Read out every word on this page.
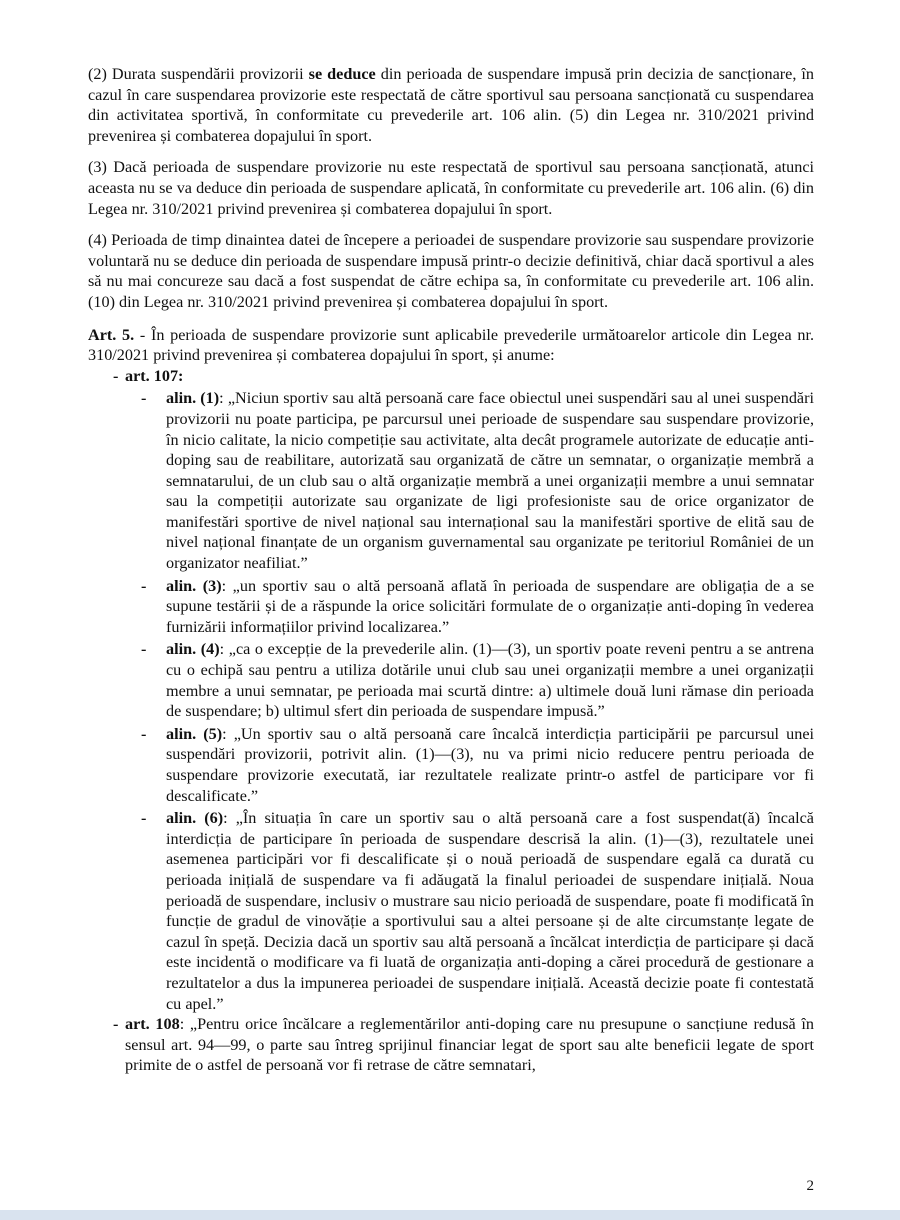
(2) Durata suspendării provizorii se deduce din perioada de suspendare impusă prin decizia de sancționare, în cazul în care suspendarea provizorie este respectată de către sportivul sau persoana sancționată cu suspendarea din activitatea sportivă, în conformitate cu prevederile art. 106 alin. (5) din Legea nr. 310/2021 privind prevenirea și combaterea dopajului în sport.

(3) Dacă perioada de suspendare provizorie nu este respectată de sportivul sau persoana sancționată, atunci aceasta nu se va deduce din perioada de suspendare aplicată, în conformitate cu prevederile art. 106 alin. (6) din Legea nr. 310/2021 privind prevenirea și combaterea dopajului în sport.

(4) Perioada de timp dinaintea datei de începere a perioadei de suspendare provizorie sau suspendare provizorie voluntară nu se deduce din perioada de suspendare impusă printr-o decizie definitivă, chiar dacă sportivul a ales să nu mai concureze sau dacă a fost suspendat de către echipa sa, în conformitate cu prevederile art. 106 alin. (10) din Legea nr. 310/2021 privind prevenirea și combaterea dopajului în sport.

Art. 5. - În perioada de suspendare provizorie sunt aplicabile prevederile următoarelor articole din Legea nr. 310/2021 privind prevenirea și combaterea dopajului în sport, și anume:

- art. 107:
- alin. (1): „Niciun sportiv sau altă persoană care face obiectul unei suspendări sau al unei suspendări provizorii nu poate participa, pe parcursul unei perioade de suspendare sau suspendare provizorie, în nicio calitate, la nicio competiție sau activitate, alta decât programele autorizate de educație anti-doping sau de reabilitare, autorizată sau organizată de către un semnatar, o organizație membră a semnatarului, de un club sau o altă organizație membră a unei organizații membre a unui semnatar sau la competiții autorizate sau organizate de ligi profesioniste sau de orice organizator de manifestări sportive de nivel național sau internațional sau la manifestări sportive de elită sau de nivel național finanțate de un organism guvernamental sau organizate pe teritoriul României de un organizator neafiliat.”
- alin. (3): „un sportiv sau o altă persoană aflată în perioada de suspendare are obligația de a se supune testării și de a răspunde la orice solicitări formulate de o organizație anti-doping în vederea furnizării informațiilor privind localizarea.”
- alin. (4): „ca o excepție de la prevederile alin. (1)—(3), un sportiv poate reveni pentru a se antrena cu o echipă sau pentru a utiliza dotările unui club sau unei organizații membre a unei organizații membre a unui semnatar, pe perioada mai scurtă dintre: a) ultimele două luni rămase din perioada de suspendare; b) ultimul sfert din perioada de suspendare impusă.”
- alin. (5): „Un sportiv sau o altă persoană care încalcă interdicția participării pe parcursul unei suspendări provizorii, potrivit alin. (1)—(3), nu va primi nicio reducere pentru perioada de suspendare provizorie executată, iar rezultatele realizate printr-o astfel de participare vor fi descalificate.”
- alin. (6): „În situația în care un sportiv sau o altă persoană care a fost suspendat(ă) încalcă interdicția de participare în perioada de suspendare descrisă la alin. (1)—(3), rezultatele unei asemenea participări vor fi descalificate și o nouă perioadă de suspendare egală ca durată cu perioada inițială de suspendare va fi adăugată la finalul perioadei de suspendare inițială. Noua perioadă de suspendare, inclusiv o mustrare sau nicio perioadă de suspendare, poate fi modificată în funcție de gradul de vinovăție a sportivului sau a altei persoane și de alte circumstanțe legate de cazul în speță. Decizia dacă un sportiv sau altă persoană a încălcat interdicția de participare și dacă este incidentă o modificare va fi luată de organizația anti-doping a cărei procedură de gestionare a rezultatelor a dus la impunerea perioadei de suspendare inițială. Această decizie poate fi contestată cu apel.”
- art. 108: „Pentru orice încălcare a reglementărilor anti-doping care nu presupune o sancțiune redusă în sensul art. 94—99, o parte sau întreg sprijinul financiar legat de sport sau alte beneficii legate de sport primite de o astfel de persoană vor fi retrase de către semnatari,
2
